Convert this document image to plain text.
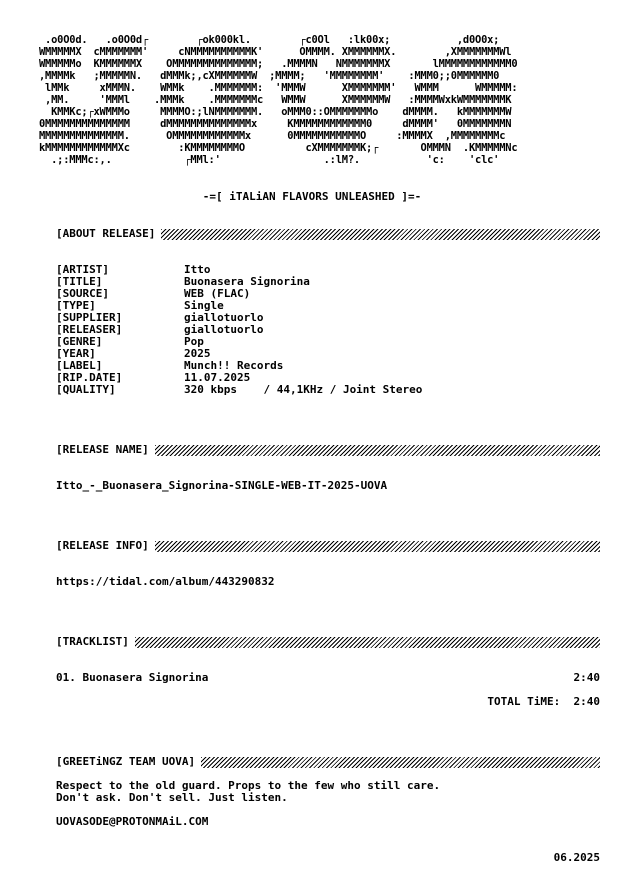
.o0O0d.   .o0O0d┌        ┌ok000kl.        ┌c0Ol   :lk00x;           ,d0O0x;
WMMMMMX  cMMMMMMM'     cNMMMMMMMMMMK'      OMMMM. XMMMMMMX.        ,XMMMMMMMWl
WMMMMMo  KMMMMMMX    OMMMMMMMMMMMMMM;   .MMMMN   NMMMMMMMX       lMMMMMMMMMMMM0
,MMMMk   ;MMMMMN.   dMMMk;,cXMMMMMMW  ;MMMM;   'MMMMMMMM'    :MMM0;;0MMMMMM0
lMMk     xMMMN.    WMMk    .MMMMMMM:  'MMMW      XMMMMMMM'   WMMM      WMMMMM:
,MM.     'MMMl    .MMMk    .MMMMMMMc   WMMW      XMMMMMMW   :MMMMWxkWMMMMMMMK
KMMKc;┌xWMMMo     MMMMO:;lNMMMMMMM.   oMMM0::OMMMMMMMo    dMMMM.   kMMMMMMMW
0MMMMMMMMMMMMMM     dMMMMMMMMMMMMMMx     KMMMMMMMMMMMM0     dMMMM'   0MMMMMMMN
MMMMMMMMMMMMMM.      OMMMMMMMMMMMMx      0MMMMMMMMMMMO     :MMMMX  ,MMMMMMMMc
kMMMMMMMMMMMMXc        :KMMMMMMMMO          cXMMMMMMMK;┌       OMMMN  .KMMMMMNc
.;:MMMc:,.            ┌MMl:'                 .:lM?.           'c:    'clc'
-=[ iTALiAN FLAVORS UNLEASHED ]=-
[ABOUT RELEASE]
[ARTIST]	Itto
[TITLE]	Buonasera Signorina
[SOURCE]	WEB (FLAC)
[TYPE]	Single
[SUPPLIER]	giallotuorlo
[RELEASER]	giallotuorlo
[GENRE]	Pop
[YEAR]	2025
[LABEL]	Munch!! Records
[RIP.DATE]	11.07.2025
[QUALITY]	320 kbps    / 44,1KHz / Joint Stereo
[RELEASE NAME]
Itto_-_Buonasera_Signorina-SINGLE-WEB-IT-2025-UOVA
[RELEASE INFO]
https://tidal.com/album/443290832
[TRACKLIST]
01. Buonasera Signorina	2:40
TOTAL TiME: 2:40
[GREETiNGZ TEAM UOVA]
Respect to the old guard. Props to the few who still care.
Don't ask. Don't sell. Just listen.
UOVASODE@PROTONMAiL.COM
06.2025
